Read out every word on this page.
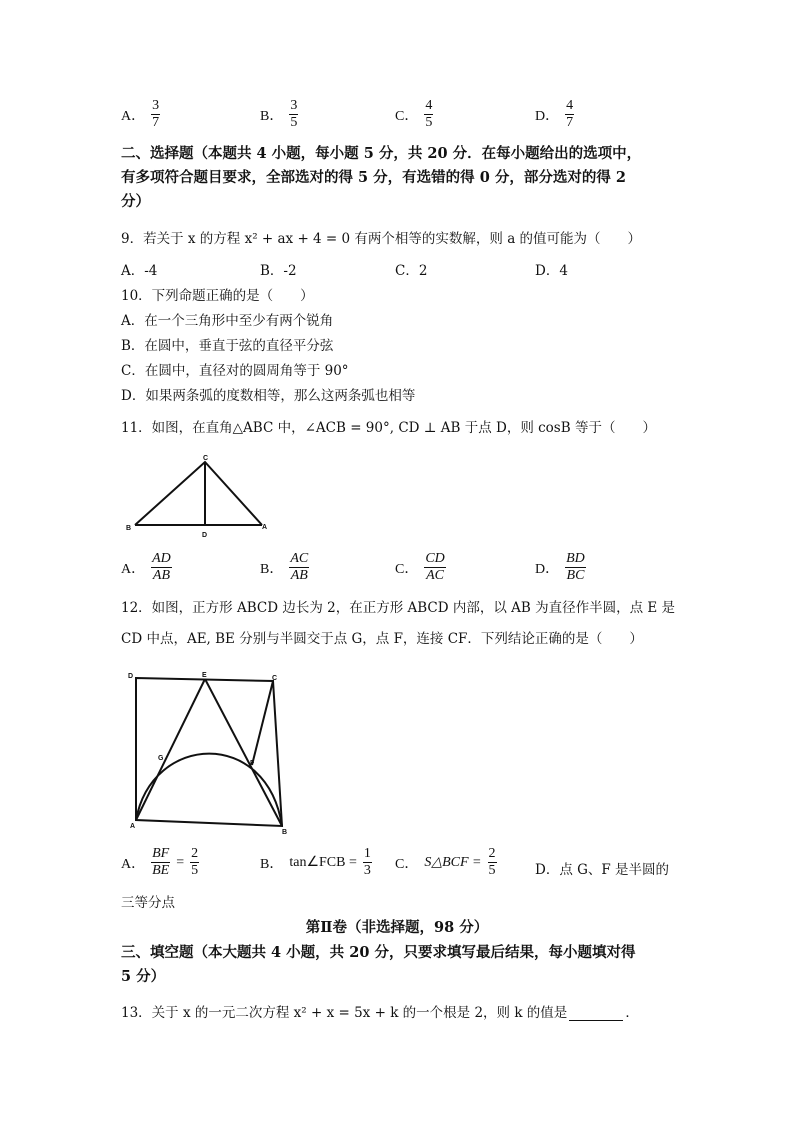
A． $\frac{3}{7}$	B． $\frac{3}{5}$	C． $\frac{4}{5}$	D． $\frac{4}{7}$
二、选择题（本题共 4 小题，每小题 5 分，共 20 分．在每小题给出的选项中，
有多项符合题目要求，全部选对的得 5 分，有选错的得 0 分，部分选对的得 2
分）
9．若关于 x 的方程 x² + ax + 4 = 0 有两个相等的实数解，则 a 的值可能为（　　）
A．-4	B．-2	C．2	D．4
10．下列命题正确的是（　　）
A．在一个三角形中至少有两个锐角
B．在圆中，垂直于弦的直径平分弦
C．在圆中，直径对的圆周角等于 90°
D．如果两条弧的度数相等，那么这两条弧也相等
11．如图，在直角△ABC 中，∠ACB = 90°, CD ⊥ AB 于点 D，则 cosB 等于（　　）
C
B
D
A
A． $\frac{AD}{AB}$	B． $\frac{AC}{AB}$	C． $\frac{CD}{AC}$	D． $\frac{BD}{BC}$
12．如图，正方形 ABCD 边长为 2，在正方形 ABCD 内部，以 AB 为直径作半圆，点 E 是
CD 中点，AE, BE 分别与半圆交于点 G，点 F，连接 CF．下列结论正确的是（　　）
D	E	C
G
F
A
B
A． $\frac{BF}{BE} = \frac{2}{5}$	B． tan∠FCB = $\frac{1}{3}$ C． S△BCF = $\frac{2}{5}$	D．点 G、F 是半圆的
三等分点
第Ⅱ卷（非选择题，98 分）
三、填空题（本大题共 4 小题，共 20 分，只要求填写最后结果，每小题填对得
5 分）
13．关于 x 的一元二次方程 x² + x = 5x + k 的一个根是 2，则 k 的值是	．
